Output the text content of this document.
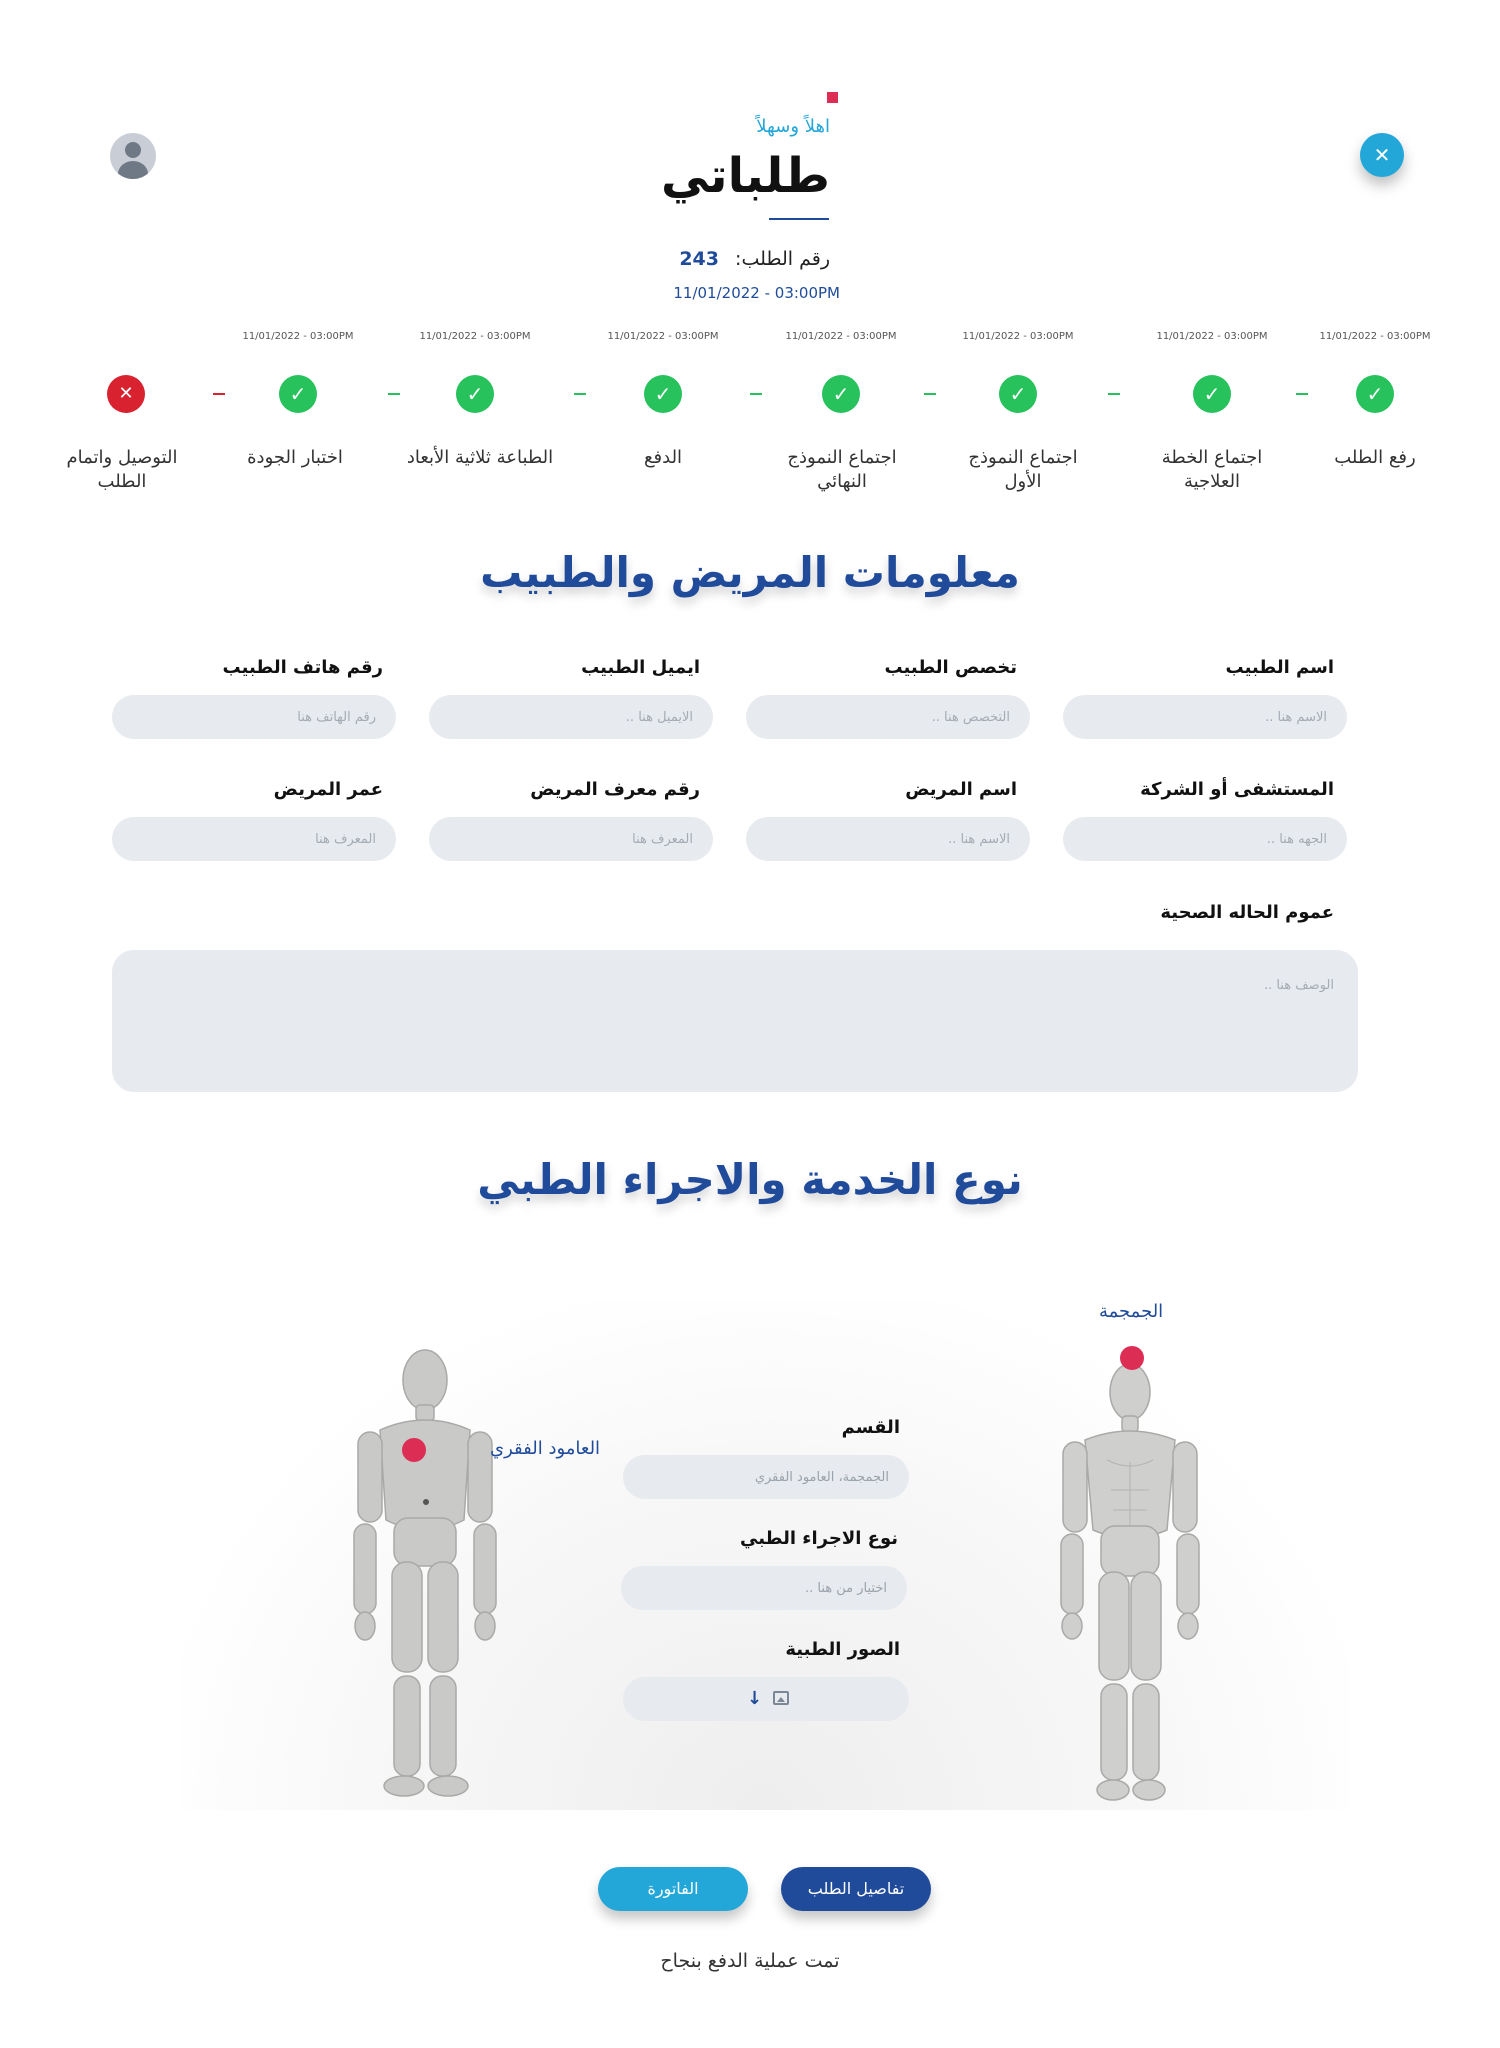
اهلاً وسهلاً
طلباتي
رقم الطلب: 243
11/01/2022 - 03:00PM
✕
11/01/2022 - 03:00PM
✓
رفع الطلب
11/01/2022 - 03:00PM
✓
اجتماع الخطة العلاجية
11/01/2022 - 03:00PM
✓
اجتماع النموذج الأول
11/01/2022 - 03:00PM
✓
اجتماع النموذج النهائي
11/01/2022 - 03:00PM
✓
الدفع
11/01/2022 - 03:00PM
✓
الطباعة ثلاثية الأبعاد
11/01/2022 - 03:00PM
✓
اختبار الجودة
✕
التوصيل واتمام الطلب
معلومات المريض والطبيب
اسم الطبيب
الاسم هنا ..
تخصص الطبيب
التخصص هنا ..
ايميل الطبيب
الايميل هنا ..
رقم هاتف الطبيب
رقم الهاتف هنا
المستشفى أو الشركة
الجهه هنا ..
اسم المريض
الاسم هنا ..
رقم معرف المريض
المعرف هنا
عمر المريض
المعرف هنا
عموم الحاله الصحية
الوصف هنا ..
نوع الخدمة والاجراء الطبي
الجمجمة
العامود الفقري
القسم
الجمجمة، العامود الفقري
نوع الاجراء الطبي
اختيار من هنا ..
الصور الطبية
↓
الفاتورة	تفاصيل الطلب
تمت عملية الدفع بنجاح
